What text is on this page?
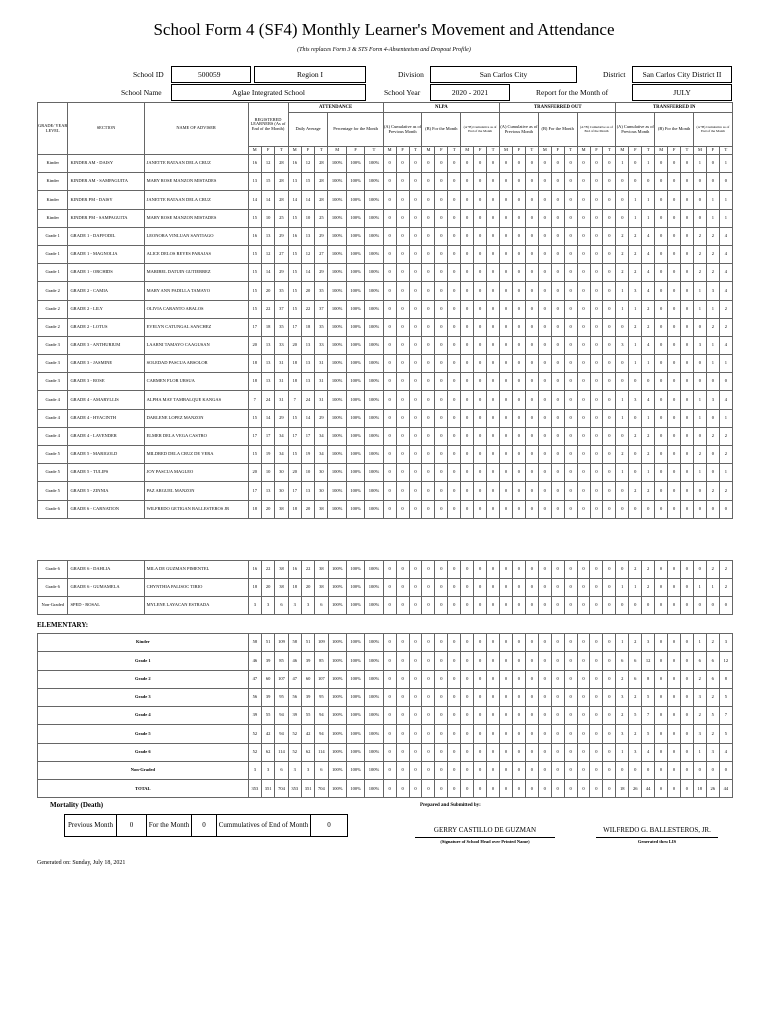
School Form 4 (SF4) Monthly Learner's Movement and Attendance
(This replaces Form 3 & STS Form 4-Absenteeism and Dropout Profile)
School ID	500059	Region I	Division	San Carlos City	District	San Carlos City District II
School Name	Aglae Integrated School	School Year	2020 - 2021	Report for the Month of	JULY
GRADE/ YEAR LEVEL	SECTION	NAME OF ADVISER	REGISTERED LEARNERS (As of End of the Month)			ATTENDANCE						NLPA									TRANSFERRED OUT									TRANSFERRED IN								
						Daily Average			Percentage for the Month			(A) Cumulative as of Previous Month			(B) For the Month			(A+B) Cumulative as of End of the Month			(A) Cumulative as of Previous Month			(B) For the Month			(A+B) Cumulative as of End of the Month			(A) Cumulative as of Previous Month			(B) For the Month			(A+B) Cumulative as of End of the Month		
			M	F	T	M	F	T	M	F	T	M	F	T	M	F	T	M	F	T	M	F	T	M	F	T	M	F	T	M	F	T	M	F	T	M	F	T
Kinder	KINDER AM - DAISY	JANETTE BATAAN DELA CRUZ	16	12	28	16	12	28	100%	100%	100%	0	0	0	0	0	0	0	0	0	0	0	0	0	0	0	0	0	0	1	0	1	0	0	0	1	0	1
Kinder	KINDER AM - SAMPAGUITA	MARY ROSE MANZON MISTADES	13	15	28	13	15	28	100%	100%	100%	0	0	0	0	0	0	0	0	0	0	0	0	0	0	0	0	0	0	0	0	0	0	0	0	0	0	0
Kinder	KINDER PM - DAISY	JANETTE BATAAN DELA CRUZ	14	14	28	14	14	28	100%	100%	100%	0	0	0	0	0	0	0	0	0	0	0	0	0	0	0	0	0	0	0	1	1	0	0	0	0	1	1
Kinder	KINDER PM - SAMPAGUITA	MARY ROSE MANZON MISTADES	15	10	25	15	10	25	100%	100%	100%	0	0	0	0	0	0	0	0	0	0	0	0	0	0	0	0	0	0	0	1	1	0	0	0	0	1	1
Grade 1	GRADE 1 - DAFFODIL	LEONORA VINLUAN SANTIAGO	16	13	29	16	13	29	100%	100%	100%	0	0	0	0	0	0	0	0	0	0	0	0	0	0	0	0	0	0	2	2	4	0	0	0	2	2	4
Grade 1	GRADE 1 - MAGNOLIA	ALICE DELOS REYES PARAJAS	15	12	27	15	12	27	100%	100%	100%	0	0	0	0	0	0	0	0	0	0	0	0	0	0	0	0	0	0	2	2	4	0	0	0	2	2	4
Grade 1	GRADE 1 - ORCHIDS	MARIBEL DATUIN GUTIERREZ	15	14	29	15	14	29	100%	100%	100%	0	0	0	0	0	0	0	0	0	0	0	0	0	0	0	0	0	0	2	2	4	0	0	0	2	2	4
Grade 2	GRADE 2 - CAMIA	MARY ANN PADILLA TAMAYO	15	20	35	15	20	35	100%	100%	100%	0	0	0	0	0	0	0	0	0	0	0	0	0	0	0	0	0	0	1	3	4	0	0	0	1	3	4
Grade 2	GRADE 2 - LILY	OLIVIA CARANTO ABALOS	15	22	37	15	22	37	100%	100%	100%	0	0	0	0	0	0	0	0	0	0	0	0	0	0	0	0	0	0	1	1	2	0	0	0	1	1	2
Grade 2	GRADE 2 - LOTUS	EVELYN CATUNGAL SANCHEZ	17	18	35	17	18	35	100%	100%	100%	0	0	0	0	0	0	0	0	0	0	0	0	0	0	0	0	0	0	0	2	2	0	0	0	0	2	2
Grade 3	GRADE 3 - ANTHURIUM	LAARNI TAMAYO CAAGUSAN	20	13	33	20	13	33	100%	100%	100%	0	0	0	0	0	0	0	0	0	0	0	0	0	0	0	0	0	0	3	1	4	0	0	0	3	1	4
Grade 3	GRADE 3 - JASMINE	SOLEDAD PASCUA ABSOLOR	18	13	31	18	13	31	100%	100%	100%	0	0	0	0	0	0	0	0	0	0	0	0	0	0	0	0	0	0	0	1	1	0	0	0	0	1	1
Grade 3	GRADE 3 - ROSE	CARMEN FLOR URSUA	18	13	31	18	13	31	100%	100%	100%	0	0	0	0	0	0	0	0	0	0	0	0	0	0	0	0	0	0	0	0	0	0	0	0	0	0	0
Grade 4	GRADE 4 - AMARYLLIS	ALPHA MAY TAMBALQUE KANGAS	7	24	31	7	24	31	100%	100%	100%	0	0	0	0	0	0	0	0	0	0	0	0	0	0	0	0	0	0	1	3	4	0	0	0	1	3	4
Grade 4	GRADE 4 - HYACINTH	DARLENE LOPEZ MANZON	15	14	29	15	14	29	100%	100%	100%	0	0	0	0	0	0	0	0	0	0	0	0	0	0	0	0	0	0	1	0	1	0	0	0	1	0	1
Grade 4	GRADE 4 - LAVENDER	ELMER DELA VEGA CASTRO	17	17	34	17	17	34	100%	100%	100%	0	0	0	0	0	0	0	0	0	0	0	0	0	0	0	0	0	0	0	2	2	0	0	0	0	2	2
Grade 5	GRADE 5 - MARIGOLD	MILDRED DELA CRUZ DE VERA	15	19	34	15	19	34	100%	100%	100%	0	0	0	0	0	0	0	0	0	0	0	0	0	0	0	0	0	0	2	0	2	0	0	0	2	0	2
Grade 5	GRADE 5 - TULIPS	JOY PASCUA MAGLEO	20	10	30	20	10	30	100%	100%	100%	0	0	0	0	0	0	0	0	0	0	0	0	0	0	0	0	0	0	1	0	1	0	0	0	1	0	1
Grade 5	GRADE 5 - ZINNIA	PAZ ARGUEL MANZON	17	13	30	17	13	30	100%	100%	100%	0	0	0	0	0	0	0	0	0	0	0	0	0	0	0	0	0	0	0	2	2	0	0	0	0	2	2
Grade 6	GRADE 6 - CARNATION	WILFREDO GETIGAN BALLESTEROS JR	18	20	38	18	20	38	100%	100%	100%	0	0	0	0	0	0	0	0	0	0	0	0	0	0	0	0	0	0	0	0	0	0	0	0	0	0	0
Grade 6	GRADE 6 - DAHLIA	MILA DE GUZMAN PIMENTEL	16	22	38	16	22	38	100%	100%	100%	0	0	0	0	0	0	0	0	0	0	0	0	0	0	0	0	0	0	0	2	2	0	0	0	0	2	2
Grade 6	GRADE 6 - GUMAMELA	CHYNTHIA PALISOC TIRIO	18	20	38	18	20	38	100%	100%	100%	0	0	0	0	0	0	0	0	0	0	0	0	0	0	0	0	0	0	1	1	2	0	0	0	1	1	2
Non-Graded	SPED - ROSAL	MYLENE LAYACAN ESTRADA	3	3	6	3	3	6	100%	100%	100%	0	0	0	0	0	0	0	0	0	0	0	0	0	0	0	0	0	0	0	0	0	0	0	0	0	0	0
ELEMENTARY:
Kinder	58	51	109	58	51	109	100%	100%	100%	0	0	0	0	0	0	0	0	0	0	0	0	0	0	0	0	0	0	1	2	3	0	0	0	1	2	3
Grade 1	46	39	85	46	39	85	100%	100%	100%	0	0	0	0	0	0	0	0	0	0	0	0	0	0	0	0	0	0	6	6	12	0	0	0	6	6	12
Grade 2	47	60	107	47	60	107	100%	100%	100%	0	0	0	0	0	0	0	0	0	0	0	0	0	0	0	0	0	0	2	6	8	0	0	0	2	6	8
Grade 3	56	39	95	56	39	95	100%	100%	100%	0	0	0	0	0	0	0	0	0	0	0	0	0	0	0	0	0	0	3	2	5	0	0	0	3	2	5
Grade 4	39	55	94	39	55	94	100%	100%	100%	0	0	0	0	0	0	0	0	0	0	0	0	0	0	0	0	0	0	2	5	7	0	0	0	2	5	7
Grade 5	52	42	94	52	42	94	100%	100%	100%	0	0	0	0	0	0	0	0	0	0	0	0	0	0	0	0	0	0	3	2	5	0	0	0	3	2	5
Grade 6	52	62	114	52	62	114	100%	100%	100%	0	0	0	0	0	0	0	0	0	0	0	0	0	0	0	0	0	0	1	3	4	0	0	0	1	3	4
Non-Graded	3	3	6	3	3	6	100%	100%	100%	0	0	0	0	0	0	0	0	0	0	0	0	0	0	0	0	0	0	0	0	0	0	0	0	0	0	0
TOTAL	353	351	704	353	351	704	100%	100%	100%	0	0	0	0	0	0	0	0	0	0	0	0	0	0	0	0	0	0	18	26	44	0	0	0	18	26	44
Mortality (Death)
Previous Month	0	For the Month	0	Cummulatives of End of Month	0
Prepared and Submitted by:
GERRY CASTILLO DE GUZMAN
(Signature of School Head over Printed Name)
WILFREDO G. BALLESTEROS, JR.
Generated thru LIS
Generated on: Sunday, July 18, 2021
